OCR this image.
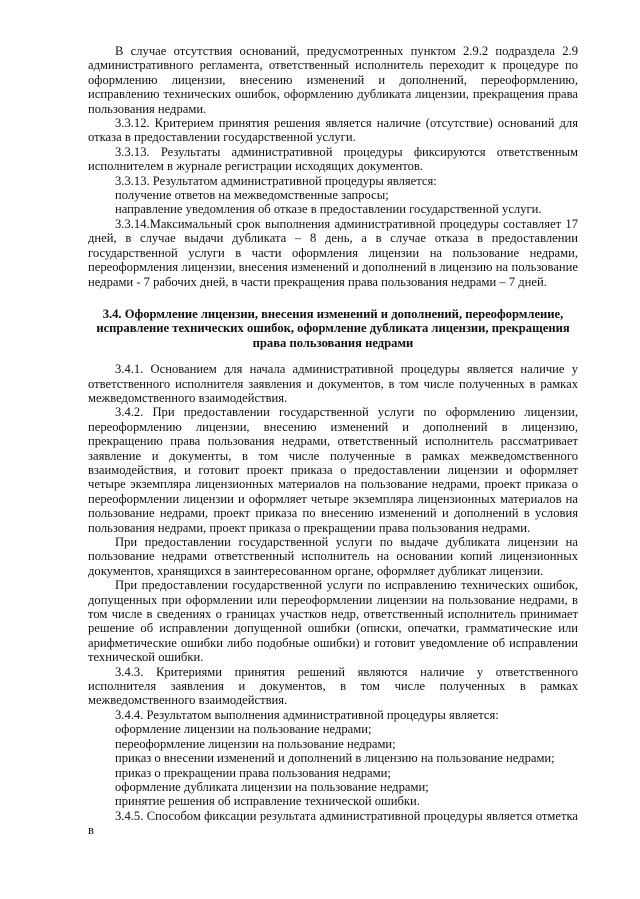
В случае отсутствия оснований, предусмотренных пунктом 2.9.2 подраздела 2.9 административного регламента, ответственный исполнитель переходит к процедуре по оформлению лицензии, внесению изменений и дополнений, переоформлению, исправлению технических ошибок, оформлению дубликата лицензии, прекращения права пользования недрами.

3.3.12. Критерием принятия решения является наличие (отсутствие) оснований для отказа в предоставлении государственной услуги.

3.3.13. Результаты административной процедуры фиксируются ответственным исполнителем в журнале регистрации исходящих документов.

3.3.13. Результатом административной процедуры является:

получение ответов на межведомственные запросы;

направление уведомления об отказе в предоставлении государственной услуги.

3.3.14.Максимальный срок выполнения административной процедуры составляет 17 дней, в случае выдачи дубликата – 8 день, а в случае отказа в предоставлении государственной услуги в части оформления лицензии на пользование недрами, переоформления лицензии, внесения изменений и дополнений в лицензию на пользование недрами - 7 рабочих дней, в части прекращения права пользования недрами – 7 дней.

3.4. Оформление лицензии, внесения изменений и дополнений, переоформление, исправление технических ошибок, оформление дубликата лицензии, прекращения права пользования недрами

3.4.1. Основанием для начала административной процедуры является наличие у ответственного исполнителя заявления и документов, в том числе полученных в рамках межведомственного взаимодействия.

3.4.2. При предоставлении государственной услуги по оформлению лицензии, переоформлению лицензии, внесению изменений и дополнений в лицензию, прекращению права пользования недрами, ответственный исполнитель рассматривает заявление и документы, в том числе полученные в рамках межведомственного взаимодействия, и готовит проект приказа о предоставлении лицензии и оформляет четыре экземпляра лицензионных материалов на пользование недрами, проект приказа о переоформлении лицензии и оформляет четыре экземпляра лицензионных материалов на пользование недрами, проект приказа по внесению изменений и дополнений в условия пользования недрами, проект приказа о прекращении права пользования недрами.

При предоставлении государственной услуги по выдаче дубликата лицензии на пользование недрами ответственный исполнитель на основании копий лицензионных документов, хранящихся в заинтересованном органе, оформляет дубликат лицензии.

При предоставлении государственной услуги по исправлению технических ошибок, допущенных при оформлении или переоформлении лицензии на пользование недрами, в том числе в сведениях о границах участков недр, ответственный исполнитель принимает решение об исправлении допущенной ошибки (описки, опечатки, грамматические или арифметические ошибки либо подобные ошибки) и готовит уведомление об исправлении технической ошибки.

3.4.3. Критериями принятия решений являются наличие у ответственного исполнителя заявления и документов, в том числе полученных в рамках межведомственного взаимодействия.

3.4.4. Результатом выполнения административной процедуры является:

оформление лицензии на пользование недрами;

переоформление лицензии на пользование недрами;

приказ о внесении изменений и дополнений в лицензию на пользование недрами;

приказ о прекращении права пользования недрами;

оформление дубликата лицензии на пользование недрами;

принятие решения об исправление технической ошибки.

3.4.5. Способом фиксации результата административной процедуры является отметка в
